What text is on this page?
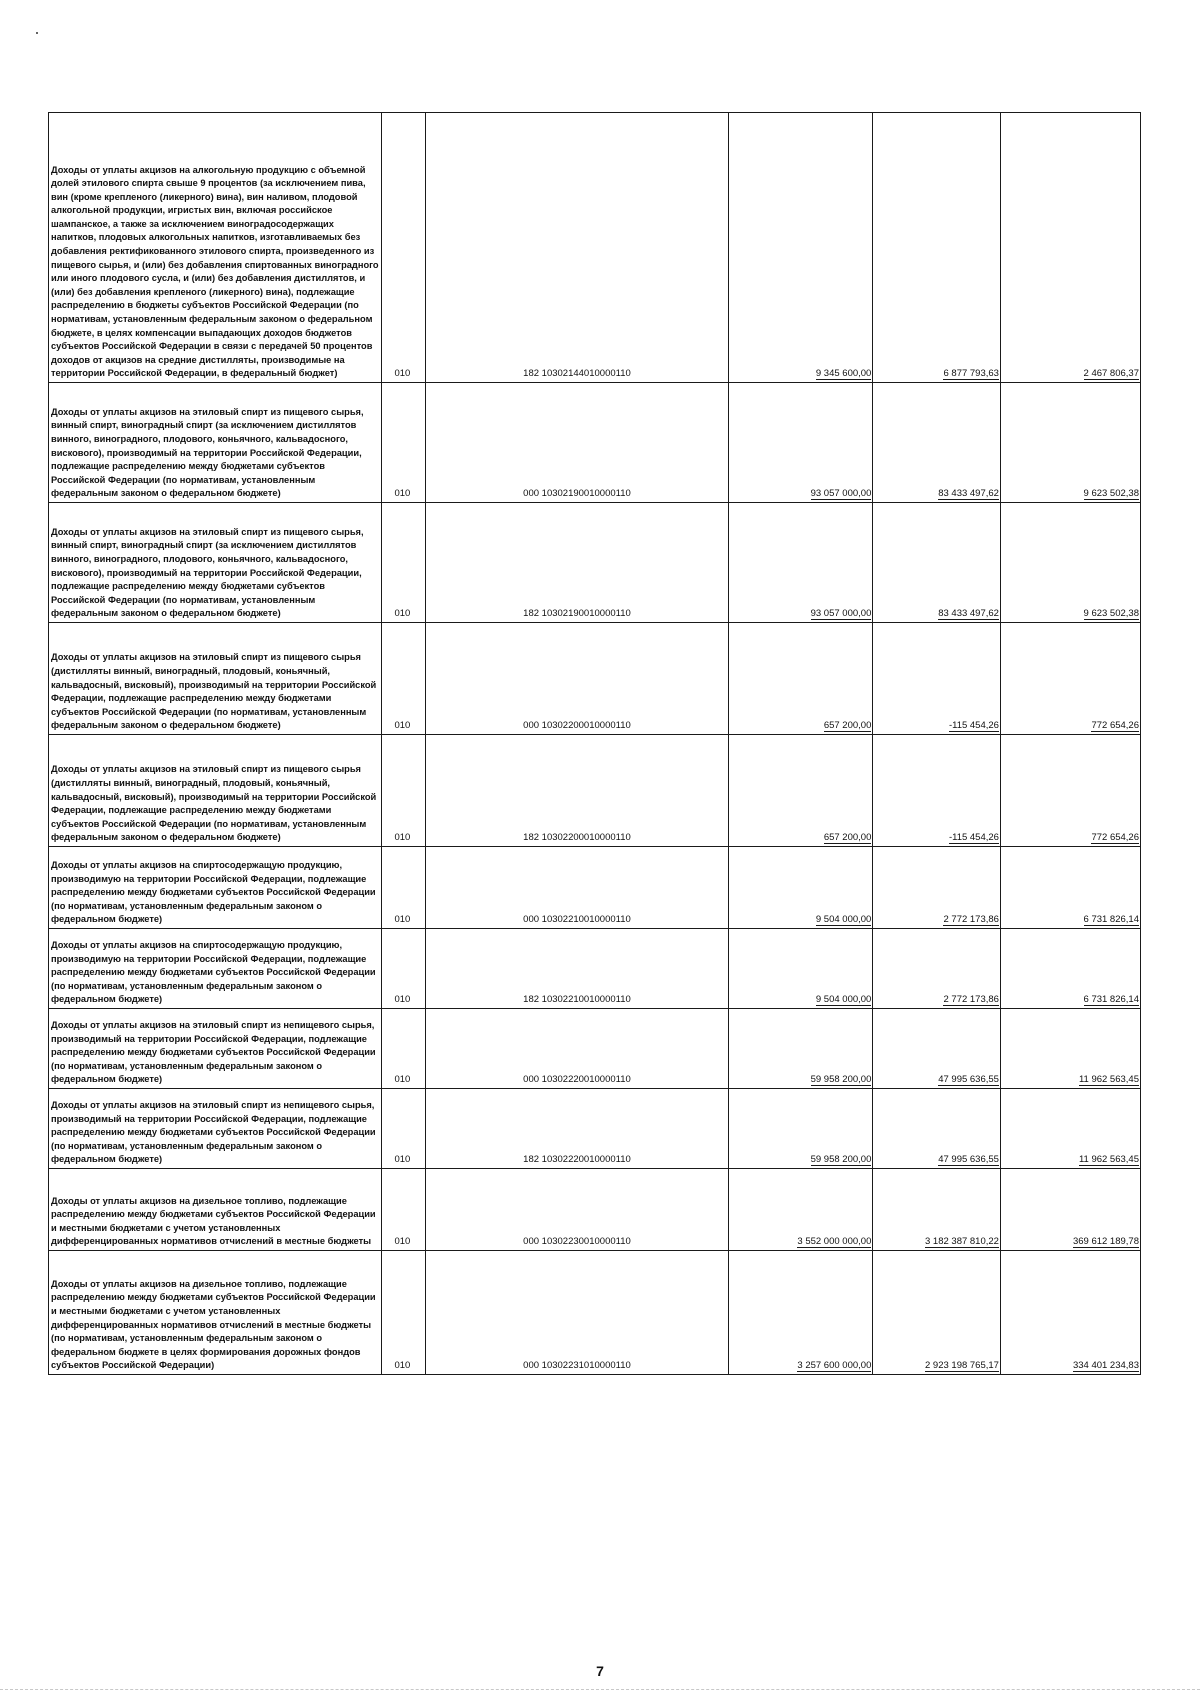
Доходы от уплаты акцизов на алкогольную продукцию с объемной долей этилового спирта свыше 9 процентов (за исключением пива, вин (кроме крепленого (ликерного) вина), вин наливом, плодовой алкогольной продукции, игристых вин, включая российское шампанское, а также за исключением виноградосодержащих напитков, плодовых алкогольных напитков, изготавливаемых без добавления ректификованного этилового спирта, произведенного из пищевого сырья, и (или) без добавления спиртованных виноградного или иного плодового сусла, и (или) без добавления дистиллятов, и (или) без добавления крепленого (ликерного) вина), подлежащие распределению в бюджеты субъектов Российской Федерации (по нормативам, установленным федеральным законом о федеральном бюджете, в целях компенсации выпадающих доходов бюджетов субъектов Российской Федерации в связи с передачей 50 процентов доходов от акцизов на средние дистилляты, производимые на территории Российской Федерации, в федеральный бюджет)	010	182 10302144010000110	9 345 600,00	6 877 793,63	2 467 806,37
Доходы от уплаты акцизов на этиловый спирт из пищевого сырья, винный спирт, виноградный спирт (за исключением дистиллятов винного, виноградного, плодового, коньячного, кальвадосного, вискового), производимый на территории Российской Федерации, подлежащие распределению между бюджетами субъектов Российской Федерации (по нормативам, установленным федеральным законом о федеральном бюджете)	010	000 10302190010000110	93 057 000,00	83 433 497,62	9 623 502,38
Доходы от уплаты акцизов на этиловый спирт из пищевого сырья, винный спирт, виноградный спирт (за исключением дистиллятов винного, виноградного, плодового, коньячного, кальвадосного, вискового), производимый на территории Российской Федерации, подлежащие распределению между бюджетами субъектов Российской Федерации (по нормативам, установленным федеральным законом о федеральном бюджете)	010	182 10302190010000110	93 057 000,00	83 433 497,62	9 623 502,38
Доходы от уплаты акцизов на этиловый спирт из пищевого сырья (дистилляты винный, виноградный, плодовый, коньячный, кальвадосный, висковый), производимый на территории Российской Федерации, подлежащие распределению между бюджетами субъектов Российской Федерации (по нормативам, установленным федеральным законом о федеральном бюджете)	010	000 10302200010000110	657 200,00	-115 454,26	772 654,26
Доходы от уплаты акцизов на этиловый спирт из пищевого сырья (дистилляты винный, виноградный, плодовый, коньячный, кальвадосный, висковый), производимый на территории Российской Федерации, подлежащие распределению между бюджетами субъектов Российской Федерации (по нормативам, установленным федеральным законом о федеральном бюджете)	010	182 10302200010000110	657 200,00	-115 454,26	772 654,26
Доходы от уплаты акцизов на спиртосодержащую продукцию, производимую на территории Российской Федерации, подлежащие распределению между бюджетами субъектов Российской Федерации (по нормативам, установленным федеральным законом о федеральном бюджете)	010	000 10302210010000110	9 504 000,00	2 772 173,86	6 731 826,14
Доходы от уплаты акцизов на спиртосодержащую продукцию, производимую на территории Российской Федерации, подлежащие распределению между бюджетами субъектов Российской Федерации (по нормативам, установленным федеральным законом о федеральном бюджете)	010	182 10302210010000110	9 504 000,00	2 772 173,86	6 731 826,14
Доходы от уплаты акцизов на этиловый спирт из непищевого сырья, производимый на территории Российской Федерации, подлежащие распределению между бюджетами субъектов Российской Федерации (по нормативам, установленным федеральным законом о федеральном бюджете)	010	000 10302220010000110	59 958 200,00	47 995 636,55	11 962 563,45
Доходы от уплаты акцизов на этиловый спирт из непищевого сырья, производимый на территории Российской Федерации, подлежащие распределению между бюджетами субъектов Российской Федерации (по нормативам, установленным федеральным законом о федеральном бюджете)	010	182 10302220010000110	59 958 200,00	47 995 636,55	11 962 563,45
Доходы от уплаты акцизов на дизельное топливо, подлежащие распределению между бюджетами субъектов Российской Федерации и местными бюджетами с учетом установленных дифференцированных нормативов отчислений в местные бюджеты	010	000 10302230010000110	3 552 000 000,00	3 182 387 810,22	369 612 189,78
Доходы от уплаты акцизов на дизельное топливо, подлежащие распределению между бюджетами субъектов Российской Федерации и местными бюджетами с учетом установленных дифференцированных нормативов отчислений в местные бюджеты (по нормативам, установленным федеральным законом о федеральном бюджете в целях формирования дорожных фондов субъектов Российской Федерации)	010	000 10302231010000110	3 257 600 000,00	2 923 198 765,17	334 401 234,83
7
